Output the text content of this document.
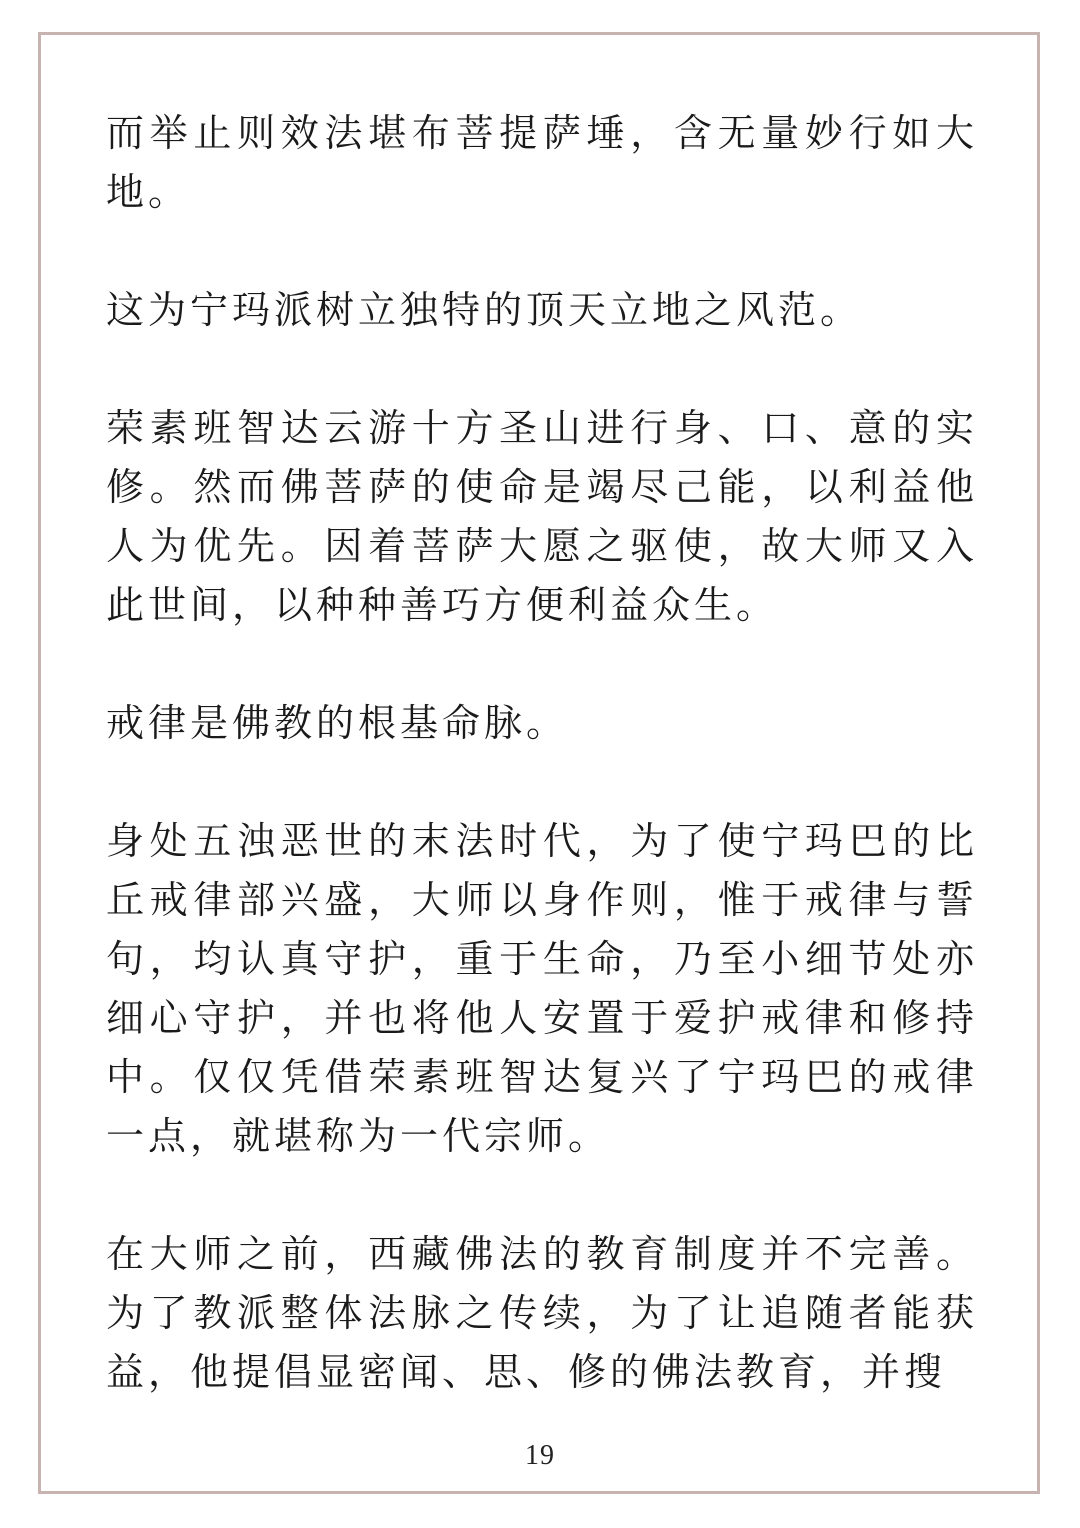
而举止则效法堪布菩提萨埵，含无量妙行如大地。

这为宁玛派树立独特的顶天立地之风范。

荣素班智达云游十方圣山进行身、口、意的实修。然而佛菩萨的使命是竭尽己能，以利益他人为优先。因着菩萨大愿之驱使，故大师又入此世间，以种种善巧方便利益众生。

戒律是佛教的根基命脉。

身处五浊恶世的末法时代，为了使宁玛巴的比丘戒律部兴盛，大师以身作则，惟于戒律与誓句，均认真守护，重于生命，乃至小细节处亦细心守护，并也将他人安置于爱护戒律和修持中。仅仅凭借荣素班智达复兴了宁玛巴的戒律一点，就堪称为一代宗师。

在大师之前，西藏佛法的教育制度并不完善。为了教派整体法脉之传续，为了让追随者能获益，他提倡显密闻、思、修的佛法教育，并搜

19
